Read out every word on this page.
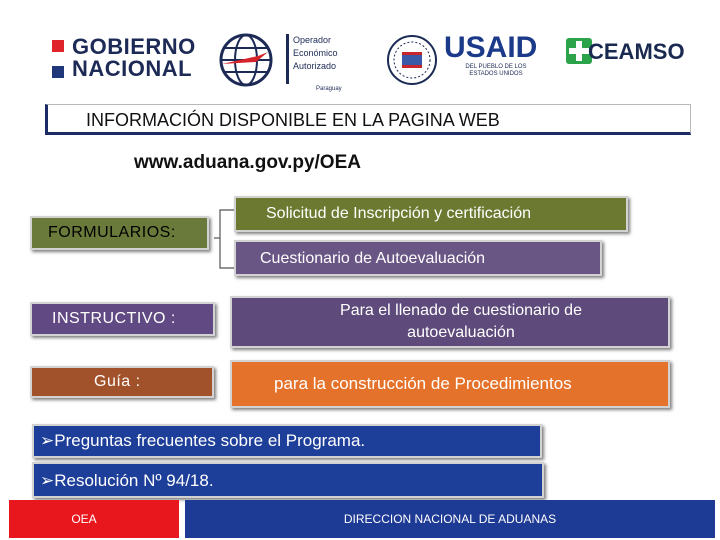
GOBIERNO
NACIONAL
Operador
Económico
Autorizado
Paraguay
USAID
DEL PUEBLO DE LOS
ESTADOS UNIDOS
CEAMSO
INFORMACIÓN DISPONIBLE EN LA PAGINA WEB
www.aduana.gov.py/OEA
FORMULARIOS:
INSTRUCTIVO :
Guía :
Solicitud de Inscripción y certificación
Cuestionario de Autoevaluación
Para el llenado de cuestionario de
autoevaluación
para la construcción de Procedimientos
➢Preguntas frecuentes sobre el Programa.
➢Resolución Nº 94/18.
OEA	DIRECCION NACIONAL DE ADUANAS
